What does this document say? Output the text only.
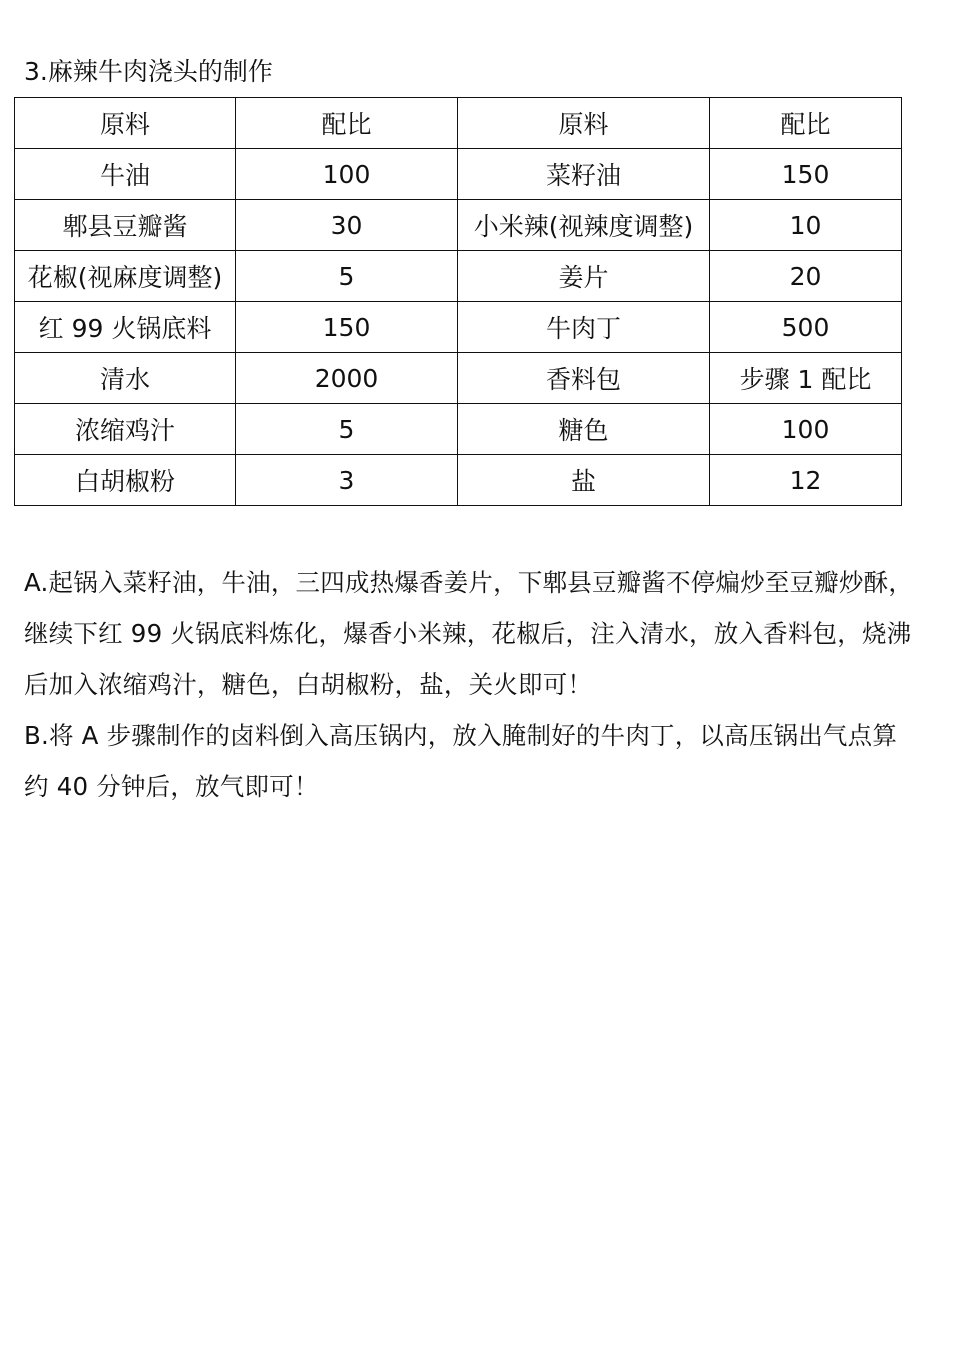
3.麻辣牛肉浇头的制作
原料	配比	原料	配比
牛油	100	菜籽油	150
郫县豆瓣酱	30	小米辣(视辣度调整)	10
花椒(视麻度调整)	5	姜片	20
红 99 火锅底料	150	牛肉丁	500
清水	2000	香料包	步骤 1 配比
浓缩鸡汁	5	糖色	100
白胡椒粉	3	盐	12

A.起锅入菜籽油，牛油，三四成热爆香姜片，下郫县豆瓣酱不停煸炒至豆瓣炒酥，

继续下红 99 火锅底料炼化，爆香小米辣，花椒后，注入清水，放入香料包，烧沸

后加入浓缩鸡汁，糖色，白胡椒粉，盐，关火即可！

B.将 A 步骤制作的卤料倒入高压锅内，放入腌制好的牛肉丁，以高压锅出气点算

约 40 分钟后，放气即可！
